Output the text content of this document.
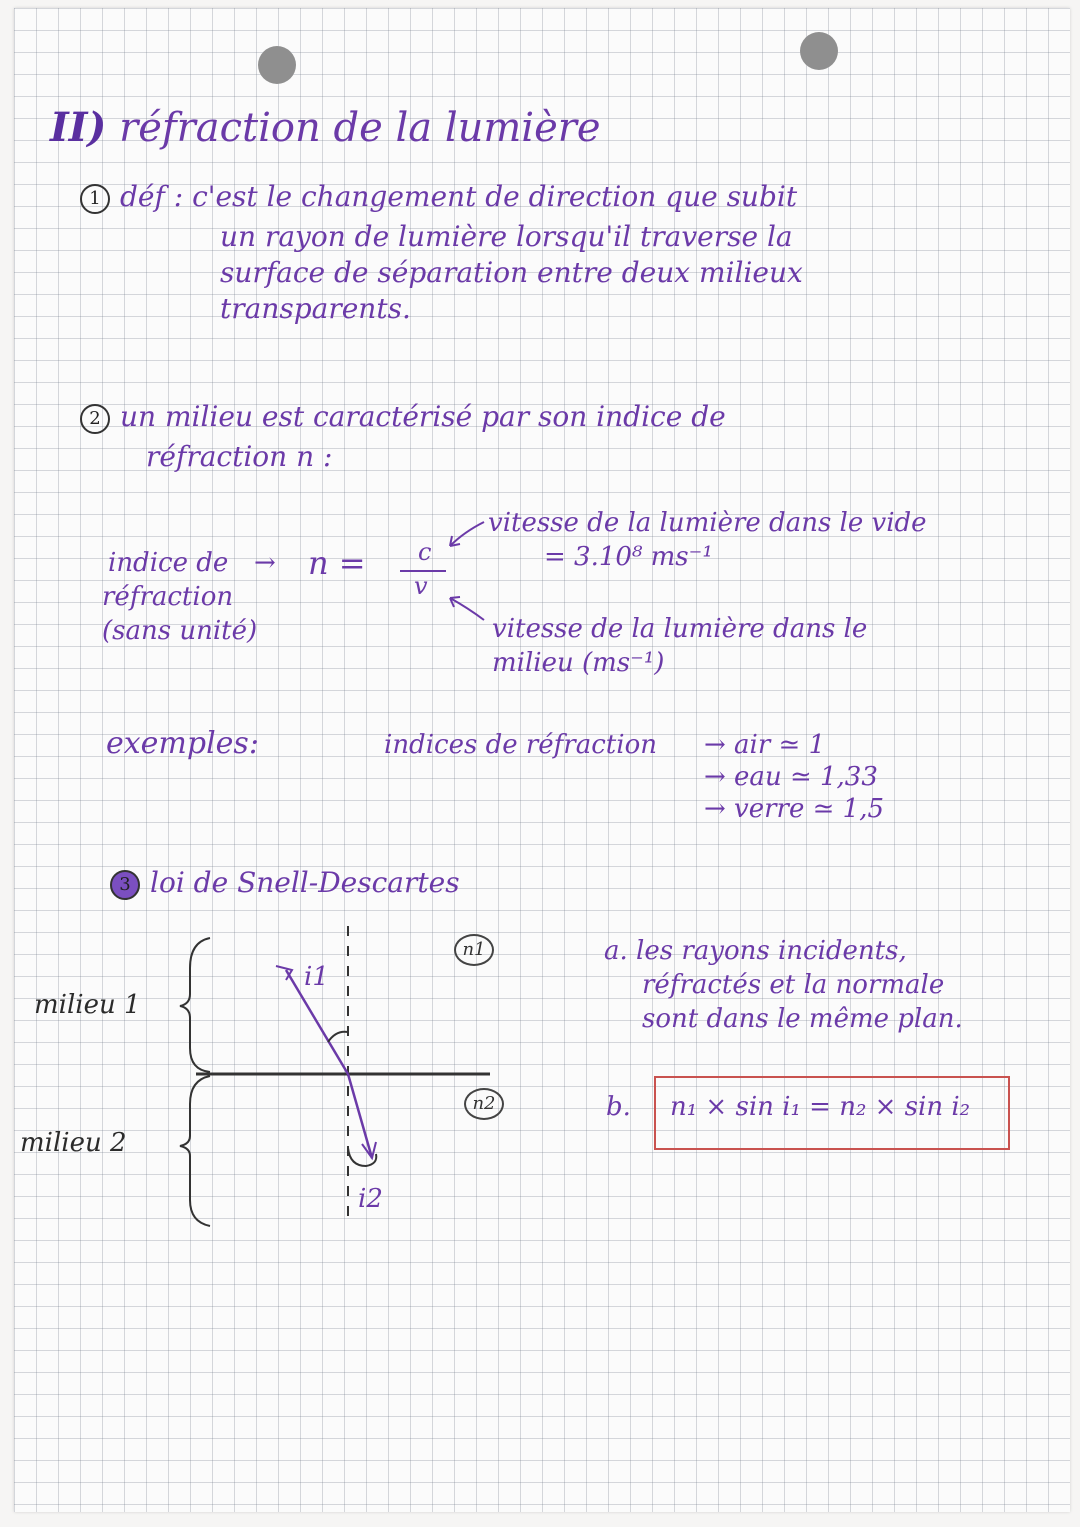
II) réfraction de la lumière
1 déf : c'est le changement de direction que subit
un rayon de lumière lorsqu'il traverse la
surface de séparation entre deux milieux
transparents.
2 un milieu est caractérisé par son indice de
réfraction n :
indice de
réfraction
(sans unité)
→ n = c
v
vitesse de la lumière dans le vide
= 3.10⁸ ms⁻¹
vitesse de la lumière dans le
milieu (ms⁻¹)
exemples:	indices de réfraction → air ≃ 1
→ eau ≃ 1,33
→ verre ≃ 1,5
3 loi de Snell-Descartes
milieu 1
milieu 2
i1
i2
n1
n2
a. les rayons incidents,
réfractés et la normale
sont dans le même plan.
b. n₁ × sin i₁ = n₂ × sin i₂
